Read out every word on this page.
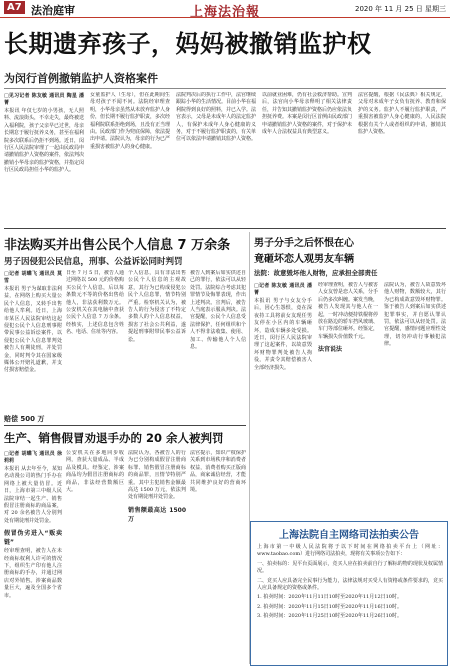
A7 法治庭审	上海法治報	2020 年 11 月 25 日 星期三
长期遗弃孩子，妈妈被撤销监护权
为闵行首例撤销监护人资格案件
□见习记者 陈友敏 通讯员 陶星 潘菁

本报讯 年仅七岁的小男孩，无人照料、流浪街头，不幸走失，最终被送入福利院，孩子父亲早已过世，母亲长期怠于履行抚养义务，甚至在福利院多次联系后仍拒不到场。近日，闵行区人民法院审理了一起由民政局申请撤销监护人资格的案件，依法判决撤销小华母亲的监护资格，并指定闵行区民政局担任小华的监护人。

女童监护人（生母），但在此期间生母对孩子不闻不问。法院经审理查明，小华母亲虽然从未放弃监护人身份，但长期不履行监护职责，多次经福利院联系拒绝到场，且没有正当理由。民政部门作为兜底保障，依法提出申请。法院认为，母亲的行为已严重损害被监护人的身心健康。

法院判决后的执行工作中，法官继续跟踪小华的生活情况。目前小华在福利院得到良好的照料，并已入学。法官表示，父母是未成年人的法定监护人，有保护未成年人身心健康的义务，对于不履行监护职责的，有关单位可以依法申请撤销其监护人资格。

以前就业困难，仍有社会救济帮助。宣判后，法官向小华母亲释明了相关法律责任，并告知其撤销监护资格后仍应依法负担抚养费。本案是闵行区首例由民政部门申请撤销监护人资格的案件，对于保护未成年人合法权益具有典型意义。

法官提醒，根据《民法典》相关规定，父母对未成年子女负有抚养、教育和保护的义务。监护人不履行监护职责，严重损害被监护人身心健康的，人民法院根据有关个人或者组织的申请，撤销其监护人资格。

非法购买并出售公民个人信息 7 万余条
男子因侵犯公民信息，刑事、公益诉讼同时判罚
□记者 胡蝶飞 通讯员 莫雪

本报讯 男子为谋取非法利益，在网络上购买大量公民个人信息，又转手出售给他人牟利。近日，上海市某区人民法院审结这起侵犯公民个人信息刑事附带民事公益诉讼案件，以侵犯公民个人信息罪判处被告人有期徒刑，并处罚金，同时判令其在国家级媒体公开赔礼道歉，并支付损害赔偿金。

日至 7 月 5 日，被告人通过网络以 500 元的价格购买公民个人信息，后以每条数元不等的价格出售给他人，非法获利数万元。公安机关在其电脑中查获公民个人信息 7 万余条。经核实，上述信息包含姓名、电话、住址等内容。

个人信息，具有非法出售公民个人信息的主观故意，其行为已构成侵犯公民个人信息罪，情节特别严重。检察机关认为，被告人的行为侵害了不特定多数人的个人信息权益，损害了社会公共利益，遂提起刑事附带民事公益诉讼。

被告人到案后如实供述自己的罪行，依法可以从轻处罚。法院综合考虑其犯罪情节及悔罪表现，作出上述判决。宣判后，被告人当庭表示服从判决。法官提醒，公民个人信息受法律保护，任何组织和个人不得非法收集、使用、加工、传输他人个人信息。

赔偿 500 万
生产、销售假冒劝退手办的 20 余人被判罚
□记者 胡蝶飞 通讯员 徐莉莉

本报讯 从去年至今，某知名动漫公司的热门手办在网络上被大量仿冒。近日，上海市第三中级人民法院审结一起生产、销售假冒注册商标的商品案，对 20 余名被告人分别判处有期徒刑并处罚金。

假冒伪劣进入“贩卖链”

经审理查明，被告人在未经商标权利人许可的情况下，组织生产印有他人注册商标的手办，并通过网店对外销售。涉案商品数量巨大，遍及全国多个省市。

公安机关在多地同步收网，查获大量成品、半成品及模具。经鉴定，涉案商品均为假冒注册商标的商品，非法经营数额巨大。

法院认为，各被告人的行为已分别构成假冒注册商标罪、销售假冒注册商标的商品罪，且情节特别严重。其中主犯销售金额最高达 1500 万元，依法判处有期徒刑并处罚金。

销售额最高达 1500 万

法官提示，知识产权保护关系到市场秩序和消费者权益，消费者购买正版商品，商家诚信经营，才能共同维护良好的营商环境。

男子分手之后怀恨在心
竟砸坏恋人观男友车辆
法院：故意毁坏他人财物，应承担全部责任
□记者 陈友敏 通讯员 潘菁

本报讯 男子与女友分手后，因心生怨恨，竟在深夜持工具将前女友现任男友停在小区内的车辆砸坏，造成车辆多处受损。近日，闵行区人民法院审理了这起案件，以故意毁坏财物罪判处被告人拘役，并责令其赔偿被害人全部经济损失。

经审理查明，被告人与被害人女友曾是恋人关系，分手后仍多次纠缠。案发当晚，被告人发现其与他人在一起，一时冲动便持铁棍将停放在路边的轿车挡风玻璃、车门等部位砸坏。经鉴定，车辆损失价值数千元。

法官说法

法院认为，被告人故意毁坏他人财物，数额较大，其行为已构成故意毁坏财物罪。鉴于被告人到案后如实供述犯罪事实，并自愿认罪认罚，依法可以从轻处罚。法官提醒，感情问题应理性处理，切勿冲动行事触犯法律。

上海法院自主网络司法拍卖公告

上海市第一中级人民法院将于以下时间在网络拍卖平台上（网址：www.taobao.com）进行网络司法拍卖，现将有关事项公告如下：

一、拍卖标的：见平台页面展示，竞买人应在拍卖前自行了解标的物的现状及权属情况。

二、竞买人应具备完全民事行为能力，法律法规对买受人有资格或条件要求的，竞买人应具备规定的资格或条件。

1. 拍卖时间：2020年11月11日10时至2020年11月12日10时。

2. 拍卖时间：2020年11月15日10时至2020年11月16日10时。

3. 拍卖时间：2020年11月25日10时至2020年11月26日10时。
